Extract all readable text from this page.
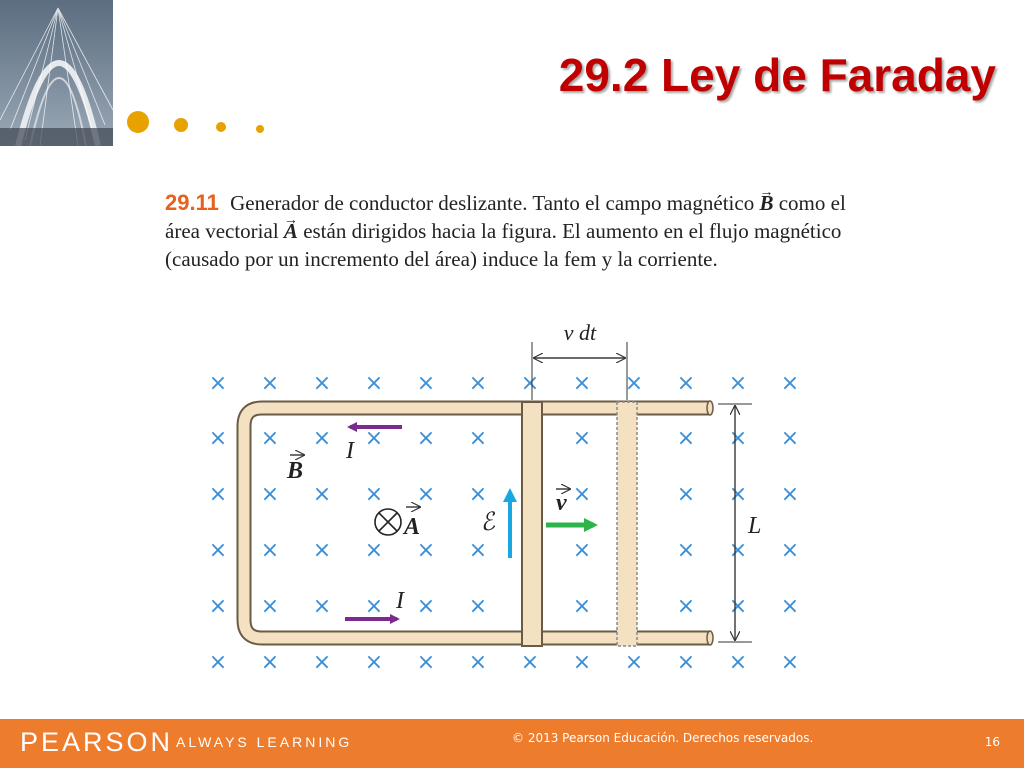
29.2 Ley de Faraday
29.11 Generador de conductor deslizante. Tanto el campo magnético → B como el área vectorial → A están dirigidos hacia la figura. El aumento en el flujo magnético (causado por un incremento del área) induce la fem y la corriente.
× × × × × × × × × × × ×
× × × × × ×	×	× × ×
× × × × × ×	×	× × ×
× × × × × ×	×	× × ×
× × × × × ×	×	× × ×
× × × × × × × × × × × ×
v dt
L
I
I
B
A ℰ
v
PEARSON ALWAYS LEARNING	© 2013 Pearson Educación. Derechos reservados.	16
